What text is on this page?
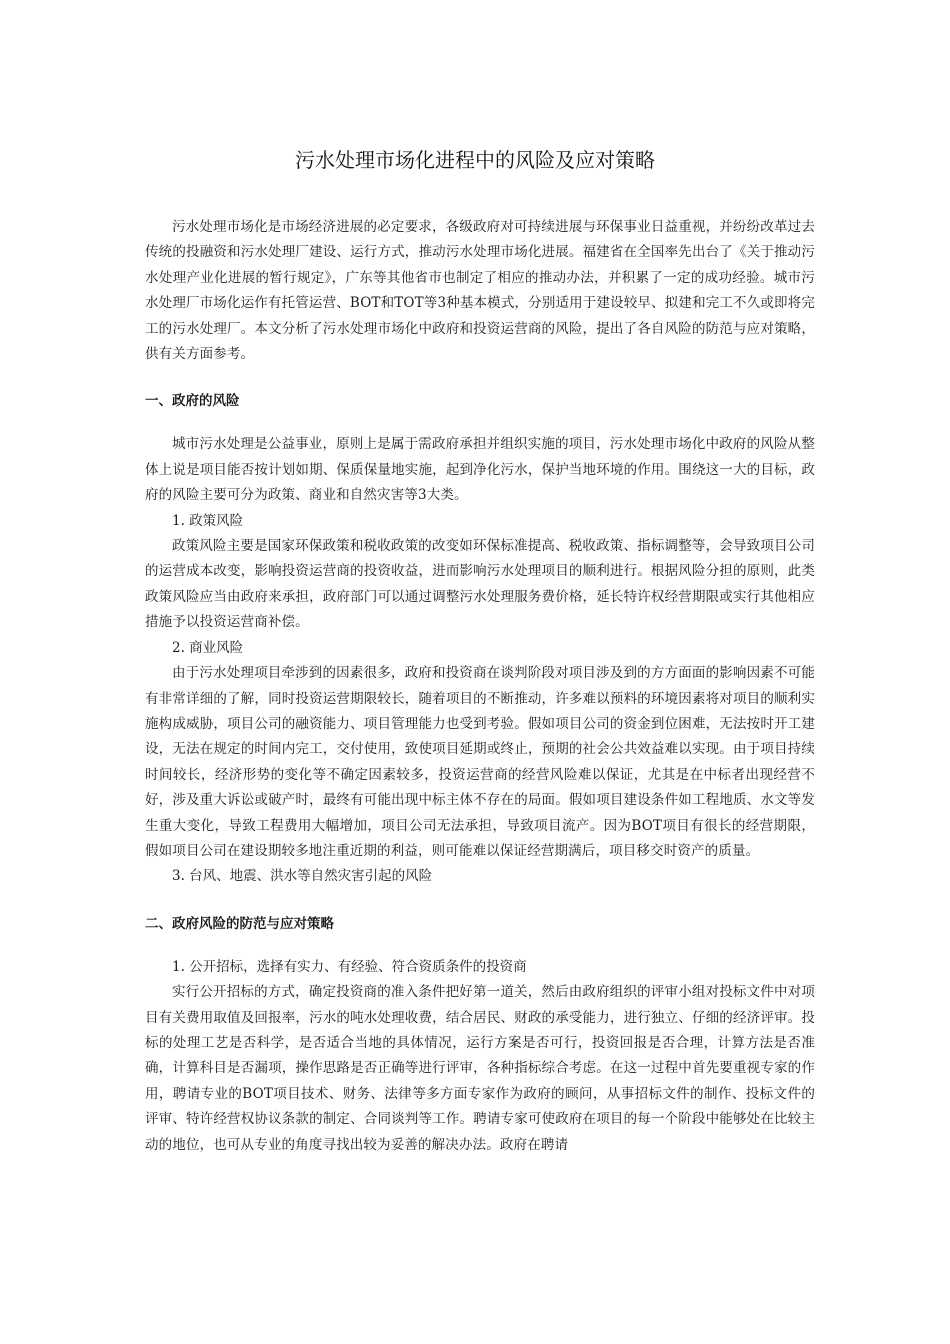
污水处理市场化进程中的风险及应对策略

污水处理市场化是市场经济进展的必定要求，各级政府对可持续进展与环保事业日益重视，并纷纷改革过去传统的投融资和污水处理厂建设、运行方式，推动污水处理市场化进展。福建省在全国率先出台了《关于推动污水处理产业化进展的暂行规定》，广东等其他省市也制定了相应的推动办法，并积累了一定的成功经验。城市污水处理厂市场化运作有托管运营、BOT和TOT等3种基本模式，分别适用于建设较早、拟建和完工不久或即将完工的污水处理厂。本文分析了污水处理市场化中政府和投资运营商的风险，提出了各自风险的防范与应对策略，供有关方面参考。

一、政府的风险

城市污水处理是公益事业，原则上是属于需政府承担并组织实施的项目，污水处理市场化中政府的风险从整体上说是项目能否按计划如期、保质保量地实施，起到净化污水，保护当地环境的作用。围绕这一大的目标，政府的风险主要可分为政策、商业和自然灾害等3大类。

1. 政策风险

政策风险主要是国家环保政策和税收政策的改变如环保标准提高、税收政策、指标调整等，会导致项目公司的运营成本改变，影响投资运营商的投资收益，进而影响污水处理项目的顺利进行。根据风险分担的原则，此类政策风险应当由政府来承担，政府部门可以通过调整污水处理服务费价格，延长特许权经营期限或实行其他相应措施予以投资运营商补偿。

2. 商业风险

由于污水处理项目牵涉到的因素很多，政府和投资商在谈判阶段对项目涉及到的方方面面的影响因素不可能有非常详细的了解，同时投资运营期限较长，随着项目的不断推动，许多难以预料的环境因素将对项目的顺利实施构成威胁，项目公司的融资能力、项目管理能力也受到考验。假如项目公司的资金到位困难，无法按时开工建设，无法在规定的时间内完工，交付使用，致使项目延期或终止，预期的社会公共效益难以实现。由于项目持续时间较长，经济形势的变化等不确定因素较多，投资运营商的经营风险难以保证，尤其是在中标者出现经营不好，涉及重大诉讼或破产时，最终有可能出现中标主体不存在的局面。假如项目建设条件如工程地质、水文等发生重大变化，导致工程费用大幅增加，项目公司无法承担，导致项目流产。因为BOT项目有很长的经营期限，假如项目公司在建设期较多地注重近期的利益，则可能难以保证经营期满后，项目移交时资产的质量。

3. 台风、地震、洪水等自然灾害引起的风险

二、政府风险的防范与应对策略

1. 公开招标，选择有实力、有经验、符合资质条件的投资商

实行公开招标的方式，确定投资商的准入条件把好第一道关，然后由政府组织的评审小组对投标文件中对项目有关费用取值及回报率，污水的吨水处理收费，结合居民、财政的承受能力，进行独立、仔细的经济评审。投标的处理工艺是否科学，是否适合当地的具体情况，运行方案是否可行，投资回报是否合理，计算方法是否准确，计算科目是否漏项，操作思路是否正确等进行评审，各种指标综合考虑。在这一过程中首先要重视专家的作用，聘请专业的BOT项目技术、财务、法律等多方面专家作为政府的顾问，从事招标文件的制作、投标文件的评审、特许经营权协议条款的制定、合同谈判等工作。聘请专家可使政府在项目的每一个阶段中能够处在比较主动的地位，也可从专业的角度寻找出较为妥善的解决办法。政府在聘请
